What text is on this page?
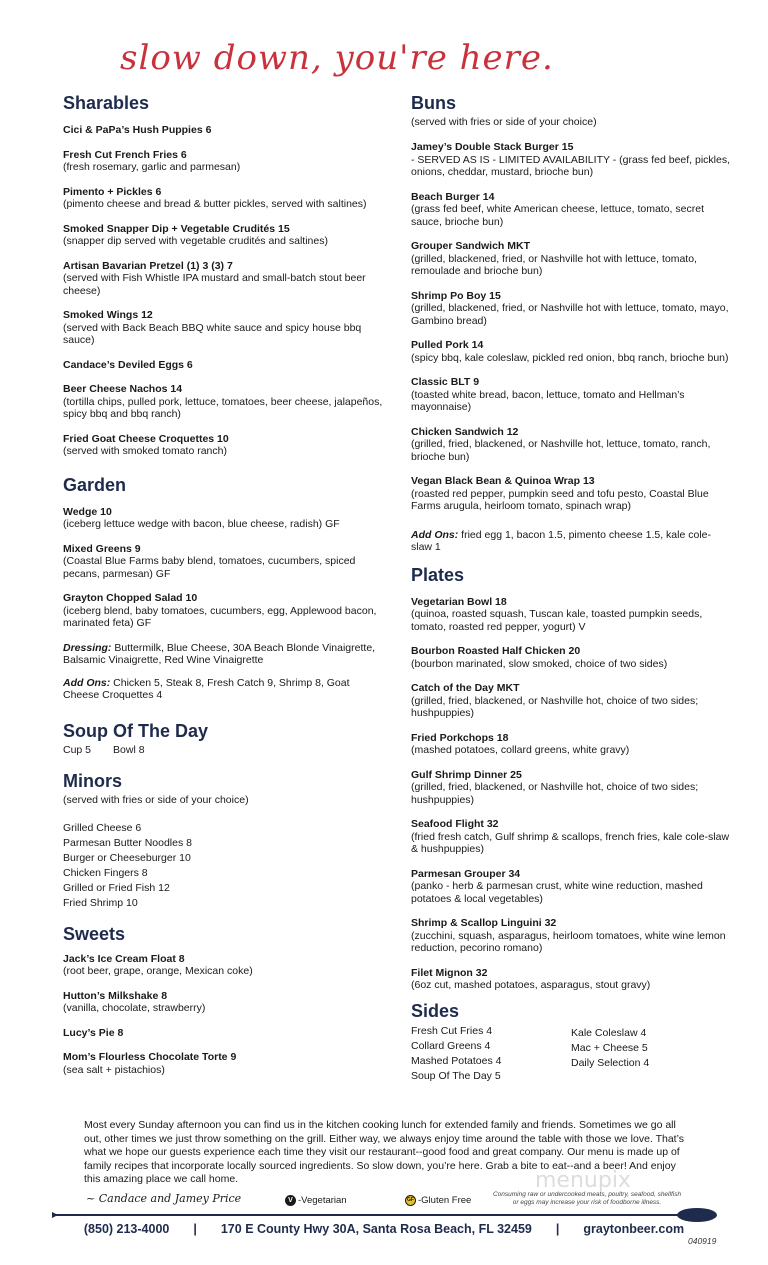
slow down, you're here.
Sharables
Cici & PaPa’s Hush Puppies 6
Fresh Cut French Fries 6
(fresh rosemary, garlic and parmesan)
Pimento + Pickles 6
(pimento cheese and bread & butter pickles, served with saltines)
Smoked Snapper Dip + Vegetable Crudités 15
(snapper dip served with vegetable crudités and saltines)
Artisan Bavarian Pretzel (1) 3 (3) 7
(served with Fish Whistle IPA mustard and small-batch stout beer cheese)
Smoked Wings 12
(served with Back Beach BBQ white sauce and spicy house bbq sauce)
Candace’s Deviled Eggs 6
Beer Cheese Nachos 14
(tortilla chips, pulled pork, lettuce, tomatoes, beer cheese, jalapeños, spicy bbq and bbq ranch)
Fried Goat Cheese Croquettes 10
(served with smoked tomato ranch)
Garden
Wedge 10
(iceberg lettuce wedge with bacon, blue cheese, radish) GF
Mixed Greens 9
(Coastal Blue Farms baby blend, tomatoes, cucumbers, spiced pecans, parmesan) GF
Grayton Chopped Salad 10
(iceberg blend, baby tomatoes, cucumbers, egg, Applewood bacon, marinated feta) GF
Dressing: Buttermilk, Blue Cheese, 30A Beach Blonde Vinaigrette, Balsamic Vinaigrette, Red Wine Vinaigrette
Add Ons: Chicken 5, Steak 8, Fresh Catch 9, Shrimp 8, Goat Cheese Croquettes 4
Soup Of The Day
Cup 5 Bowl 8
Minors
(served with fries or side of your choice)
Grilled Cheese 6
Parmesan Butter Noodles 8
Burger or Cheeseburger 10
Chicken Fingers 8
Grilled or Fried Fish 12
Fried Shrimp 10
Sweets
Jack’s Ice Cream Float 8
(root beer, grape, orange, Mexican coke)
Hutton’s Milkshake 8
(vanilla, chocolate, strawberry)
Lucy’s Pie 8
Mom’s Flourless Chocolate Torte 9
(sea salt + pistachios)
Buns
(served with fries or side of your choice)
Jamey’s Double Stack Burger 15
- SERVED AS IS - LIMITED AVAILABILITY - (grass fed beef, pickles, onions, cheddar, mustard, brioche bun)
Beach Burger 14
(grass fed beef, white American cheese, lettuce, tomato, secret sauce, brioche bun)
Grouper Sandwich MKT
(grilled, blackened, fried, or Nashville hot with lettuce, tomato, remoulade and brioche bun)
Shrimp Po Boy 15
(grilled, blackened, fried, or Nashville hot with lettuce, tomato, mayo, Gambino bread)
Pulled Pork 14
(spicy bbq, kale coleslaw, pickled red onion, bbq ranch, brioche bun)
Classic BLT 9
(toasted white bread, bacon, lettuce, tomato and Hellman’s mayonnaise)
Chicken Sandwich 12
(grilled, fried, blackened, or Nashville hot, lettuce, tomato, ranch, brioche bun)
Vegan Black Bean & Quinoa Wrap 13
(roasted red pepper, pumpkin seed and tofu pesto, Coastal Blue Farms arugula, heirloom tomato, spinach wrap)
Add Ons: fried egg 1, bacon 1.5, pimento cheese 1.5, kale cole-slaw 1
Plates
Vegetarian Bowl 18
(quinoa, roasted squash, Tuscan kale, toasted pumpkin seeds, tomato, roasted red pepper, yogurt) V
Bourbon Roasted Half Chicken 20
(bourbon marinated, slow smoked, choice of two sides)
Catch of the Day MKT
(grilled, fried, blackened, or Nashville hot, choice of two sides; hushpuppies)
Fried Porkchops 18
(mashed potatoes, collard greens, white gravy)
Gulf Shrimp Dinner 25
(grilled, fried, blackened, or Nashville hot, choice of two sides; hushpuppies)
Seafood Flight 32
(fried fresh catch, Gulf shrimp & scallops, french fries, kale cole-slaw & hushpuppies)
Parmesan Grouper 34
(panko - herb & parmesan crust, white wine reduction, mashed potatoes & local vegetables)
Shrimp & Scallop Linguini 32
(zucchini, squash, asparagus, heirloom tomatoes, white wine lemon reduction, pecorino romano)
Filet Mignon 32
(6oz cut, mashed potatoes, asparagus, stout gravy)
Sides
Fresh Cut Fries 4
Collard Greens 4
Mashed Potatoes 4
Soup Of The Day 5
Kale Coleslaw 4
Mac + Cheese 5
Daily Selection 4
menupix
Most every Sunday afternoon you can find us in the kitchen cooking lunch for extended family and friends. Sometimes we go all out, other times we just throw something on the grill. Either way, we always enjoy time around the table with those we love. That’s what we hope our guests experience each time they visit our restaurant--good food and great company. Our menu is made up of family recipes that incorporate locally sourced ingredients. So slow down, you’re here. Grab a bite to eat--and a beer! And enjoy this amazing place we call home.
~ Candace and Jamey Price	V -Vegetarian	GF -Gluten Free
Consuming raw or undercooked meats, poultry, seafood, shellfish or eggs may increase your risk of foodborne illness.
(850) 213-4000 | 170 E County Hwy 30A, Santa Rosa Beach, FL 32459 | graytonbeer.com
040919
